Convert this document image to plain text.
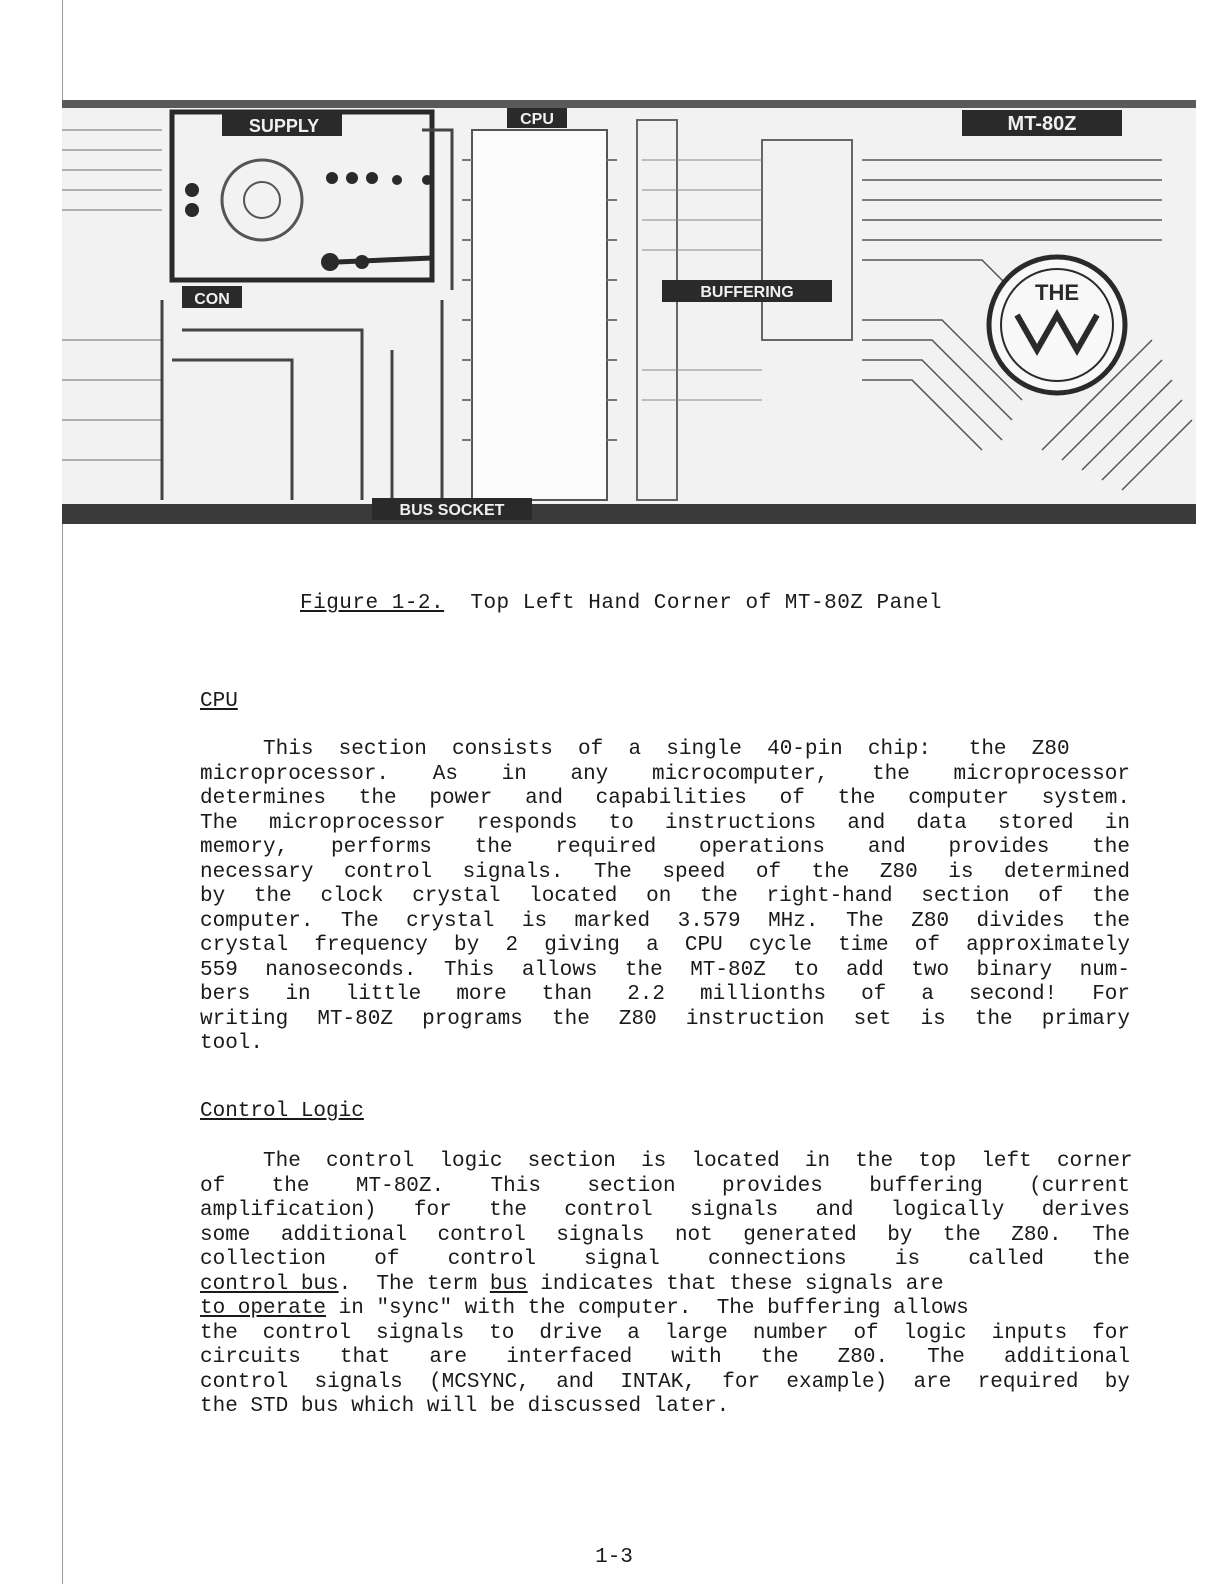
SUPPLY
CON
CPU
BUFFERING
MT-80Z
THE
BUS SOCKET
Figure 1-2. Top Left Hand Corner of MT-80Z Panel
CPU
This  section  consists  of  a  single  40-pin  chip:   the  Z80
microprocessor. As in any microcomputer, the microprocessor
determines the power and capabilities of the computer system.
The microprocessor responds to instructions and data stored in
memory, performs the required operations and provides the
necessary control signals. The speed of the Z80 is determined
by the clock crystal located on the right-hand section of the
computer. The crystal is marked 3.579 MHz. The Z80 divides the
crystal frequency by 2 giving a CPU cycle time of approximately
559 nanoseconds. This allows the MT-80Z to add two binary num-
bers in little more than 2.2 millionths of a second! For
writing MT-80Z programs the Z80 instruction set is the primary
tool.
Control Logic
The  control  logic  section  is  located  in  the  top  left  corner
of the MT-80Z. This section provides buffering (current
amplification) for the control signals and logically derives
some additional control signals not generated by the Z80. The
collection of control signal connections is called the
control bus.  The term bus indicates that these signals are
to operate in "sync" with the computer.  The buffering allows
the control signals to drive a large number of logic inputs for
circuits that are interfaced with the Z80. The additional
control signals (MCSYNC, and INTAK, for example) are required by
the STD bus which will be discussed later.
1-3
